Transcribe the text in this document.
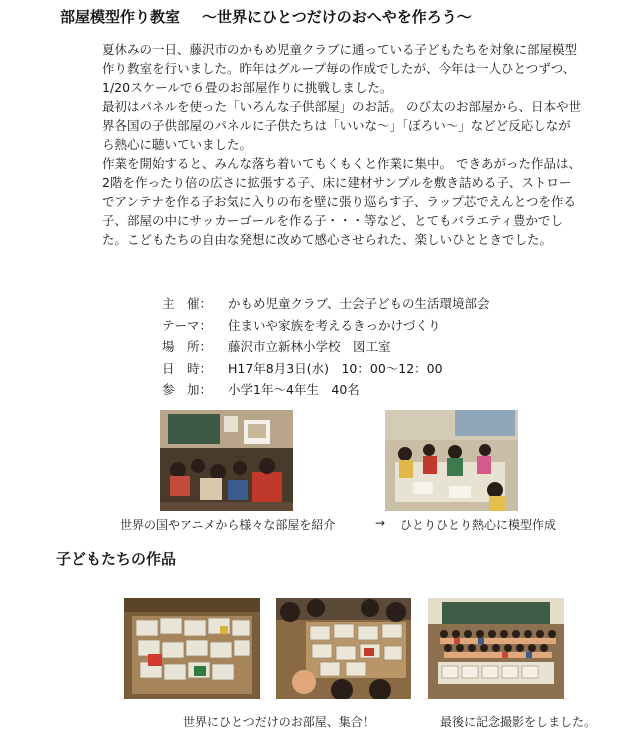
部屋模型作り教室 ～世界にひとつだけのおへやを作ろう～

夏休みの一日、藤沢市のかもめ児童クラブに通っている子どもたちを対象に部屋模型作り教室を行いました。昨年はグループ毎の作成でしたが、今年は一人ひとつずつ、1/20スケールで６畳のお部屋作りに挑戦しました。

最初はパネルを使った「いろんな子供部屋」のお話。 のび太のお部屋から、日本や世界各国の子供部屋のパネルに子供たちは「いいな～」「ぼろい～」などど反応しながら熱心に聴いていました。

作業を開始すると、みんな落ち着いてもくもくと作業に集中。 できあがった作品は、2階を作ったり倍の広さに拡張する子、床に建材サンプルを敷き詰める子、ストローでアンテナを作る子お気に入りの布を壁に張り巡らす子、ラップ芯でえんとつを作る子、部屋の中にサッカーゴールを作る子・・・等など、とてもバラエティ豊かでした。こどもたちの自由な発想に改めて感心させられた、楽しいひとときでした。

主　催：	かもめ児童クラブ、士会子どもの生活環境部会
テーマ：	住まいや家族を考えるきっかけづくり
場　所：	藤沢市立新林小学校　図工室
日　時：	H17年8月3日(水)　10：00～12：00
参　加：	小学1年～4年生　40名
世界の国やアニメから様々な部屋を紹介	→ ひとりひとり熱心に模型作成
子どもたちの作品
世界にひとつだけのお部屋、集合！	最後に記念撮影をしました。
